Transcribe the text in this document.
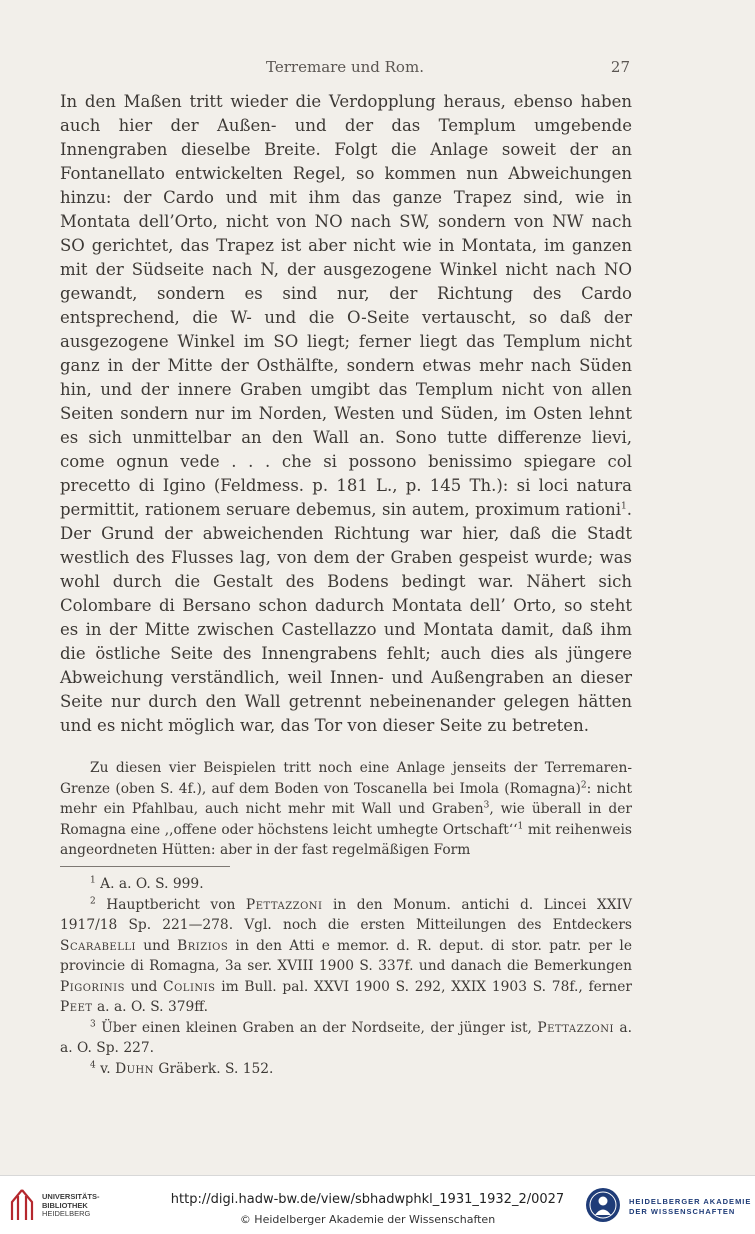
Terremare und Rom.	27

In den Maßen tritt wieder die Verdopplung heraus, ebenso haben auch hier der Außen- und der das Templum umgebende Innengraben dieselbe Breite. Folgt die Anlage soweit der an Fontanellato entwickelten Regel, so kommen nun Abweichungen hinzu: der Cardo und mit ihm das ganze Trapez sind, wie in Montata dell’Orto, nicht von NO nach SW, sondern von NW nach SO gerichtet, das Trapez ist aber nicht wie in Montata, im ganzen mit der Südseite nach N, der ausgezogene Winkel nicht nach NO gewandt, sondern es sind nur, der Richtung des Cardo entsprechend, die W- und die O-Seite vertauscht, so daß der ausgezogene Winkel im SO liegt; ferner liegt das Templum nicht ganz in der Mitte der Osthälfte, sondern etwas mehr nach Süden hin, und der innere Graben umgibt das Templum nicht von allen Seiten sondern nur im Norden, Westen und Süden, im Osten lehnt es sich unmittelbar an den Wall an. Sono tutte differenze lievi, come ognun vede . . . che si possono benissimo spiegare col precetto di Igino (Feldmess. p. 181 L., p. 145 Th.): si loci natura permittit, rationem seruare debemus, sin autem, proximum rationi$^1$. Der Grund der abweichenden Richtung war hier, daß die Stadt westlich des Flusses lag, von dem der Graben gespeist wurde; was wohl durch die Gestalt des Bodens bedingt war. Nähert sich Colombare di Bersano schon dadurch Montata dell’ Orto, so steht es in der Mitte zwischen Castellazzo und Montata damit, daß ihm die östliche Seite des Innengrabens fehlt; auch dies als jüngere Abweichung verständlich, weil Innen- und Außengraben an dieser Seite nur durch den Wall getrennt nebeinenander gelegen hätten und es nicht möglich war, das Tor von dieser Seite zu betreten.

Zu diesen vier Beispielen tritt noch eine Anlage jenseits der Terremaren-Grenze (oben S. 4f.), auf dem Boden von Toscanella bei Imola (Romagna)$^2$: nicht mehr ein Pfahlbau, auch nicht mehr mit Wall und Graben$^3$, wie überall in der Romagna eine ,,offene oder höchstens leicht umhegte Ortschaft‘‘$^1$ mit reihenweis angeordneten Hütten: aber in der fast regelmäßigen Form

$^1$ A. a. O. S. 999.

$^2$ Hauptbericht von Pettazzoni in den Monum. antichi d. Lincei XXIV 1917/18 Sp. 221—278. Vgl. noch die ersten Mitteilungen des Entdeckers Scarabelli und Brizios in den Atti e memor. d. R. deput. di stor. patr. per le provincie di Romagna, 3a ser. XVIII 1900 S. 337f. und danach die Bemerkungen Pigorinis und Colinis im Bull. pal. XXVI 1900 S. 292, XXIX 1903 S. 78f., ferner Peet a. a. O. S. 379ff.

$^3$ Über einen kleinen Graben an der Nordseite, der jünger ist, Pettazzoni a. a. O. Sp. 227.

$^4$ v. Duhn Gräberk. S. 152.

UNIVERSITÄTS-
BIBLIOTHEK
HEIDELBERG
http://digi.hadw-bw.de/view/sbhadwphkl_1931_1932_2/0027
© Heidelberger Akademie der Wissenschaften
HEIDELBERGER AKADEMIE
DER WISSENSCHAFTEN
